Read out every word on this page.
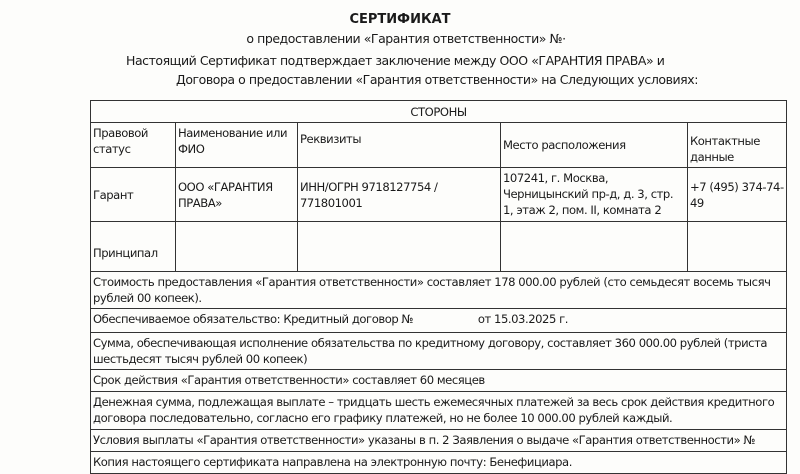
СЕРТИФИКАТ
о предоставлении «Гарантия ответственности» №·
Настоящий Сертификат подтверждает заключение между ООО «ГАРАНТИЯ ПРАВА» и
Договора о предоставлении «Гарантия ответственности» на Следующих условиях:
СТОРОНЫ				
Правовой статус	Наименование или ФИО	Реквизиты	Место расположения	Контактные данные
Гарант	ООО «ГАРАНТИЯ ПРАВА»	ИНН/ОГРН 9718127754 / 771801001	107241, г. Москва, Черницынский пр-д, д. 3, стр. 1, этаж 2, пом. II, комната 2	+7 (495) 374-74-49
Принципал				
Стоимость предоставления «Гарантия ответственности» составляет 178 000.00 рублей (сто семьдесят восемь тысяч рублей 00 копеек).				
Обеспечиваемое обязательство: Кредитный договор №                    от 15.03.2025 г.				
Сумма, обеспечивающая исполнение обязательства по кредитному договору, составляет 360 000.00 рублей (триста шестьдесят тысяч рублей 00 копеек)				
Срок действия «Гарантия ответственности» составляет 60 месяцев				
Денежная сумма, подлежащая выплате – тридцать шесть ежемесячных платежей за весь срок действия кредитного договора последовательно, согласно его графику платежей, но не более 10 000.00 рублей каждый.				
Условия выплаты «Гарантия ответственности» указаны в п. 2 Заявления о выдаче «Гарантия ответственности» №				
Копия настоящего сертификата направлена на электронную почту: Бенефициара.				
